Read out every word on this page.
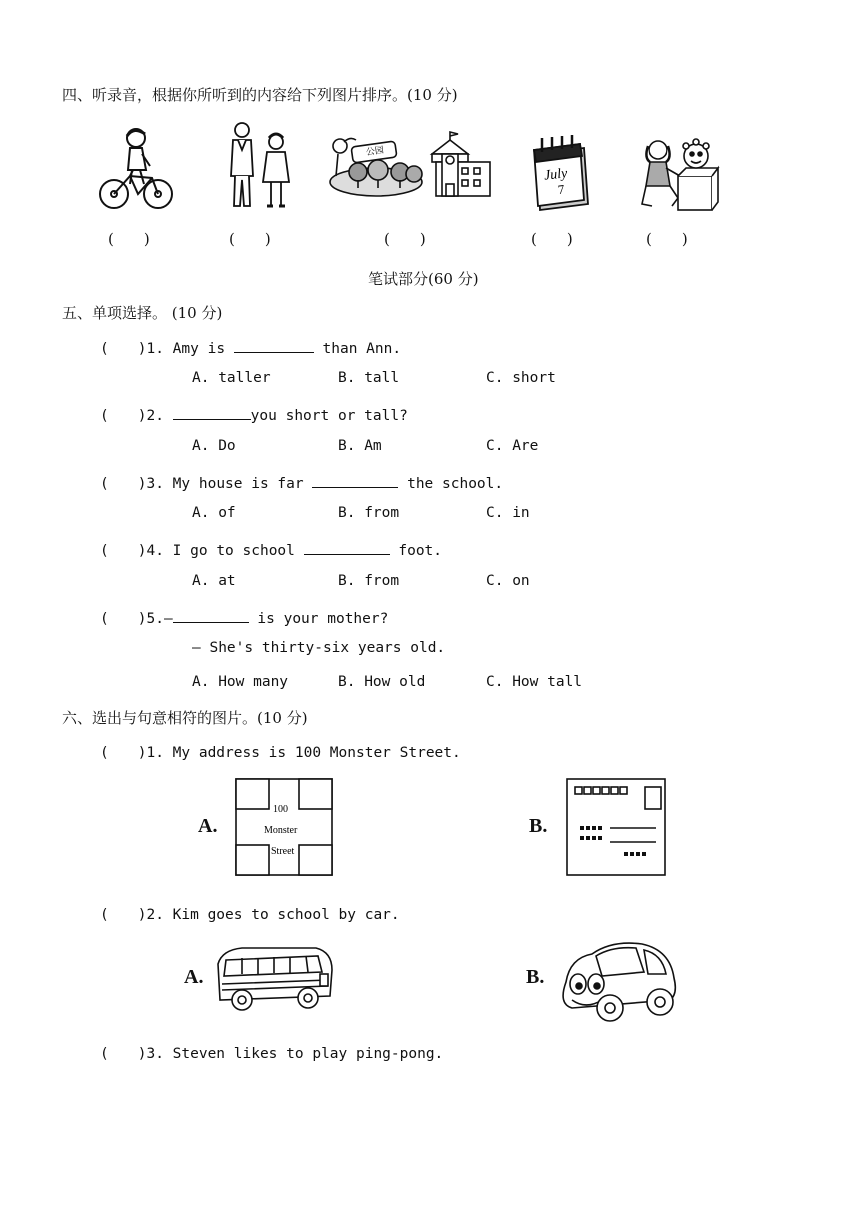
四、听录音，根据你所听到的内容给下列图片排序。(10 分)
(　　)	(　　)
公园
(　　)
July
7
(　　)	(　　)
笔试部分(60 分)
五、单项选择。 (10 分)
(　　)1. Amy is	than Ann.
A. taller	B. tall	C. short
(　　)2.	you short or tall?
A. Do	B. Am	C. Are
(　　)3. My house is far	the school.
A. of	B. from	C. in
(　　)4. I go to school	foot.
A. at	B. from	C. on
(　　)5.—	is your mother?
— She's thirty-six years old.
A. How many	B. How old	C. How tall
六、选出与句意相符的图片。(10 分)
(　　)1. My address is 100 Monster Street.
A.
100
Monster
Street
B.
(　　)2. Kim goes to school by car.
A.	B.
(　　)3. Steven likes to play ping-pong.
